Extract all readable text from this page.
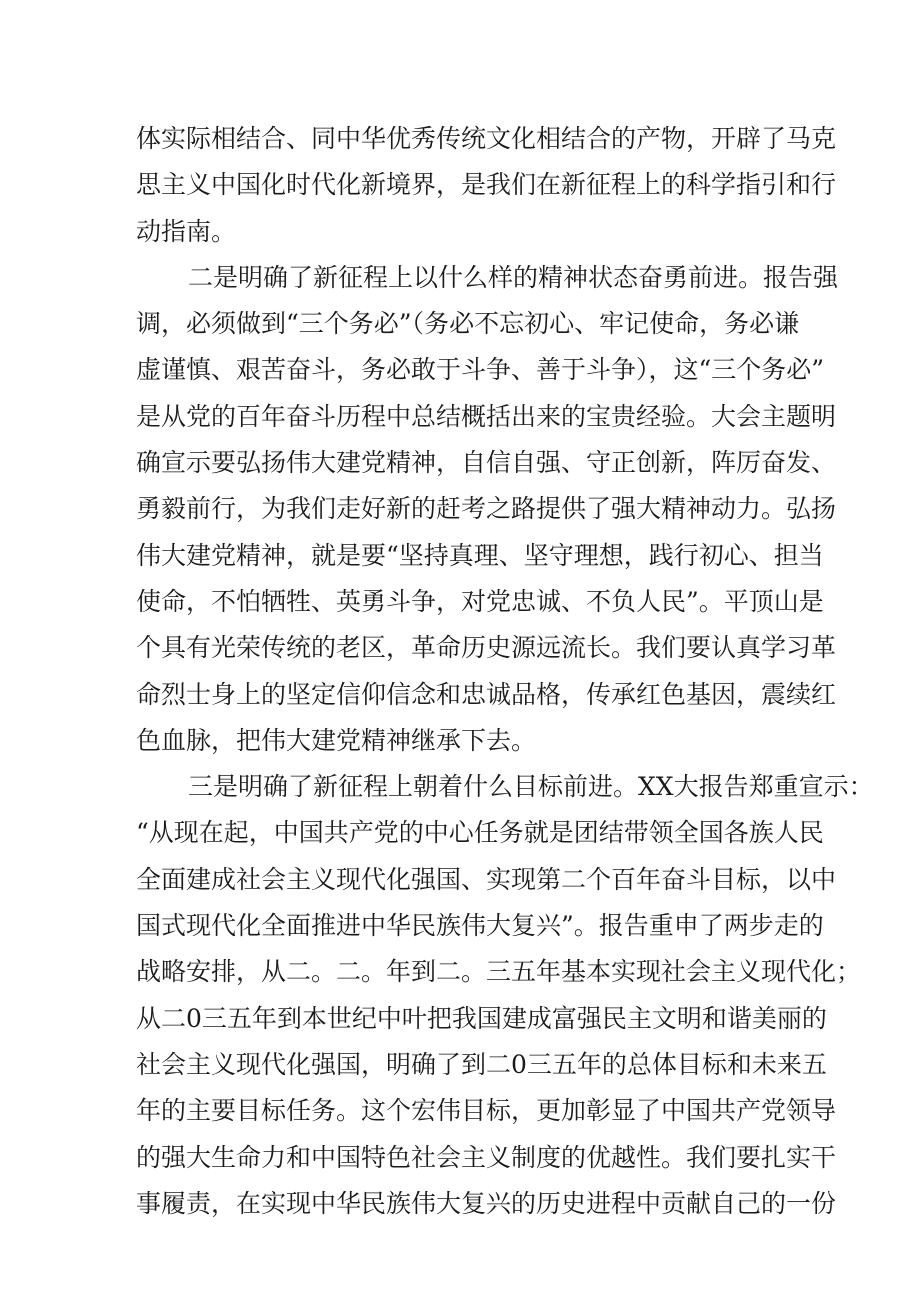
体实际相结合、同中华优秀传统文化相结合的产物，开辟了马克
思主义中国化时代化新境界，是我们在新征程上的科学指引和行
动指南。
二是明确了新征程上以什么样的精神状态奋勇前进。报告强
调，必须做到“三个务必”（务必不忘初心、牢记使命，务必谦
虚谨慎、艰苦奋斗，务必敢于斗争、善于斗争），这“三个务必”
是从党的百年奋斗历程中总结概括出来的宝贵经验。大会主题明
确宣示要弘扬伟大建党精神，自信自强、守正创新，阵厉奋发、
勇毅前行，为我们走好新的赶考之路提供了强大精神动力。弘扬
伟大建党精神，就是要“坚持真理、坚守理想，践行初心、担当
使命，不怕牺牲、英勇斗争，对党忠诚、不负人民”。平顶山是
个具有光荣传统的老区，革命历史源远流长。我们要认真学习革
命烈士身上的坚定信仰信念和忠诚品格，传承红色基因，震续红
色血脉，把伟大建党精神继承下去。
三是明确了新征程上朝着什么目标前进。XX大报告郑重宣示：
“从现在起，中国共产党的中心任务就是团结带领全国各族人民
全面建成社会主义现代化强国、实现第二个百年奋斗目标，以中
国式现代化全面推进中华民族伟大复兴”。报告重申了两步走的
战略安排，从二。二。年到二。三五年基本实现社会主义现代化；
从二0三五年到本世纪中叶把我国建成富强民主文明和谐美丽的
社会主义现代化强国，明确了到二0三五年的总体目标和未来五
年的主要目标任务。这个宏伟目标，更加彰显了中国共产党领导
的强大生命力和中国特色社会主义制度的优越性。我们要扎实干
事履责，在实现中华民族伟大复兴的历史进程中贡献自己的一份
